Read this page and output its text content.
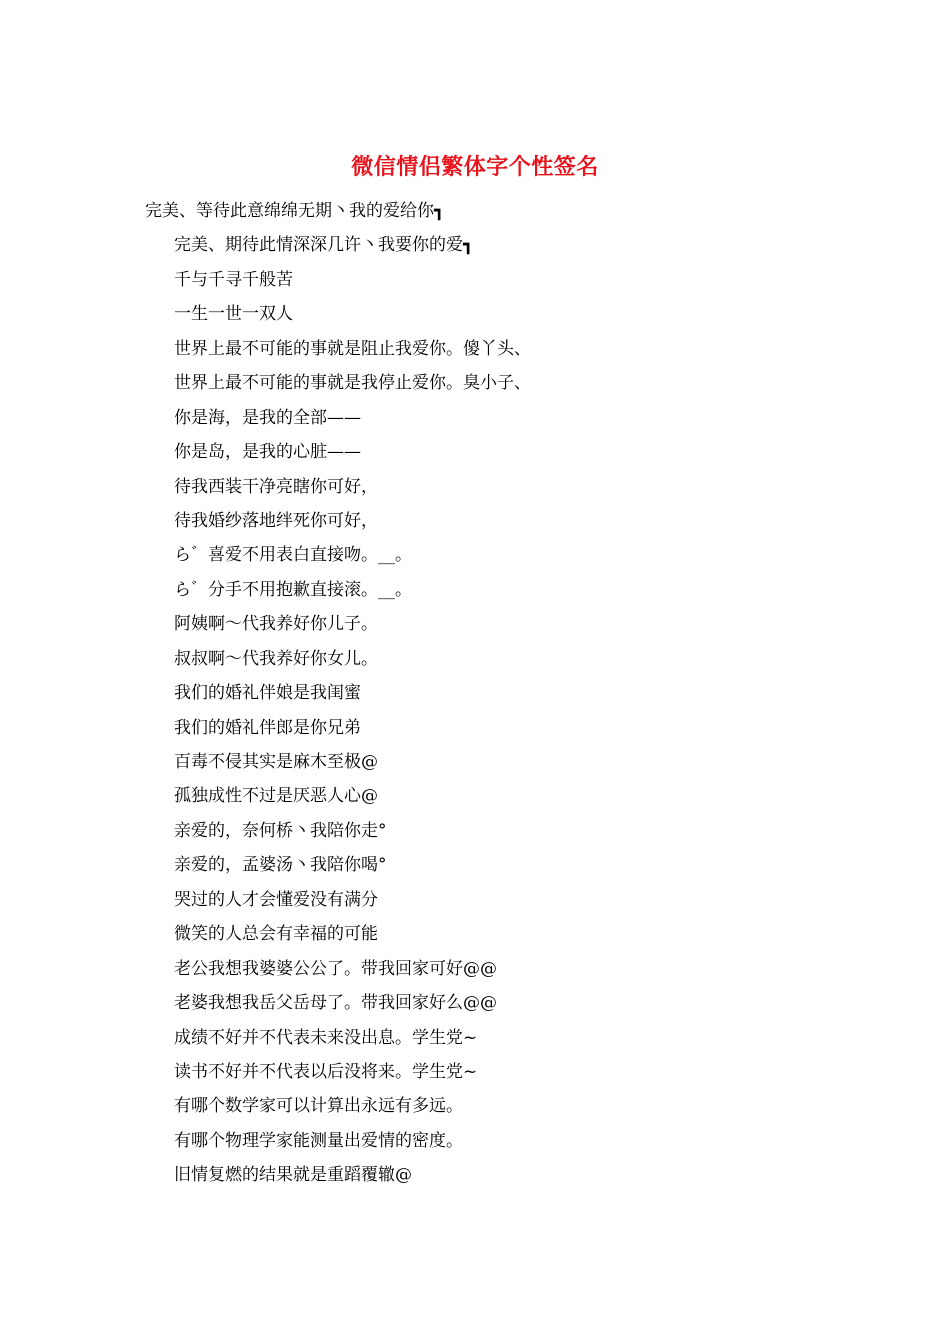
微信情侣繁体字个性签名
完美、等待此意绵绵无期丶我的爱给你┓
完美、期待此情深深几许丶我要你的爱┓
千与千寻千般苦
一生一世一双人
世界上最不可能的事就是阻止我爱你。傻丫头、
世界上最不可能的事就是我停止爱你。臭小子、
你是海，是我的全部——
你是岛，是我的心脏——
待我西装干净亮瞎你可好，
待我婚纱落地绊死你可好，
ら゛喜爱不用表白直接吻。__。
ら゛分手不用抱歉直接滚。__。
阿姨啊～代我养好你儿子。
叔叔啊～代我养好你女儿。
我们的婚礼伴娘是我闺蜜
我们的婚礼伴郎是你兄弟
百毒不侵其实是麻木至极@
孤独成性不过是厌恶人心@
亲爱的，奈何桥丶我陪你走°
亲爱的，孟婆汤丶我陪你喝°
哭过的人才会懂爱没有满分
微笑的人总会有幸福的可能
老公我想我婆婆公公了。带我回家可好@@
老婆我想我岳父岳母了。带我回家好么@@
成绩不好并不代表未来没出息。学生党~
读书不好并不代表以后没将来。学生党~
有哪个数学家可以计算出永远有多远。
有哪个物理学家能测量出爱情的密度。
旧情复燃的结果就是重蹈覆辙@
